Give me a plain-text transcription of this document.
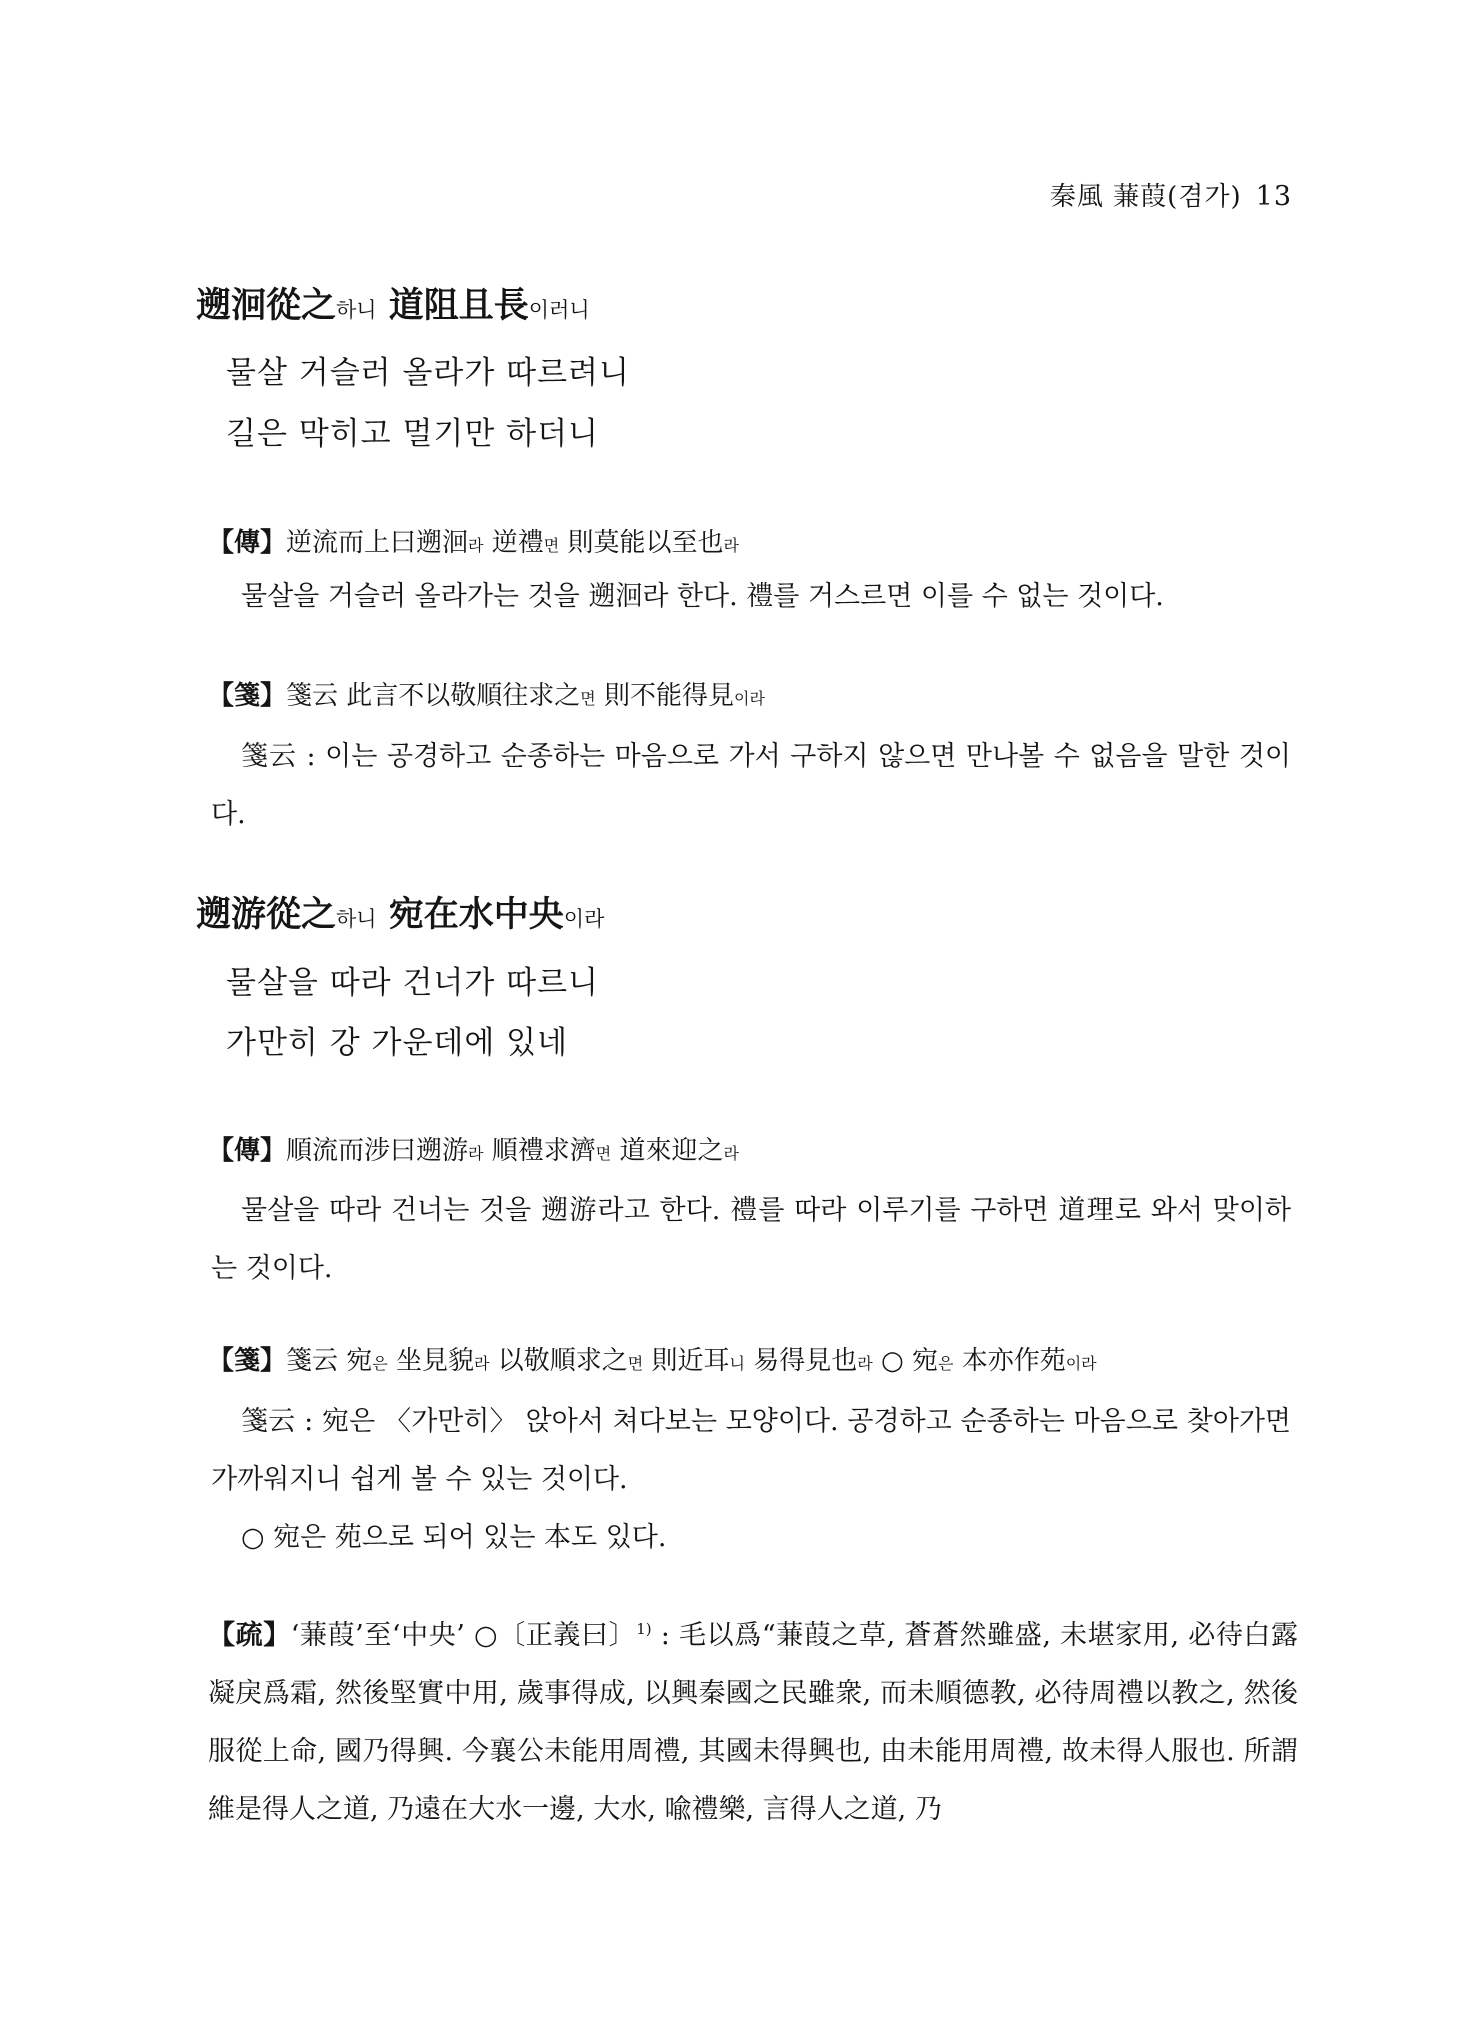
秦風 蒹葭(겸가) 13
遡洄從之하니 道阻且長이러니
물살 거슬러 올라가 따르려니
길은 막히고 멀기만 하더니
【傳】逆流而上曰遡洄라 逆禮면 則莫能以至也라

물살을 거슬러 올라가는 것을 遡洄라 한다. 禮를 거스르면 이를 수 없는 것이다.

【箋】箋云 此言不以敬順往求之면 則不能得見이라

箋云 : 이는 공경하고 순종하는 마음으로 가서 구하지 않으면 만나볼 수 없음을 말한 것이다.

遡游從之하니 宛在水中央이라
물살을 따라 건너가 따르니
가만히 강 가운데에 있네
【傳】順流而涉曰遡游라 順禮求濟면 道來迎之라

물살을 따라 건너는 것을 遡游라고 한다. 禮를 따라 이루기를 구하면 道理로 와서 맞이하는 것이다.

【箋】箋云 宛은 坐見貌라 以敬順求之면 則近耳니 易得見也라 ○ 宛은 本亦作苑이라

箋云 : 宛은 〈가만히〉 앉아서 쳐다보는 모양이다. 공경하고 순종하는 마음으로 찾아가면 가까워지니 쉽게 볼 수 있는 것이다.

○ 宛은 苑으로 되어 있는 本도 있다.

【疏】‘蒹葭’至‘中央’ ○〔正義曰〕$^{1)}$ : 毛以爲“蒹葭之草, 蒼蒼然雖盛, 未堪家用, 必待白露凝戾爲霜, 然後堅實中用, 歲事得成, 以興秦國之民雖衆, 而未順德教, 必待周禮以教之, 然後服從上命, 國乃得興. 今襄公未能用周禮, 其國未得興也, 由未能用周禮, 故未得人服也. 所謂維是得人之道, 乃遠在大水一邊, 大水, 喩禮樂, 言得人之道, 乃
